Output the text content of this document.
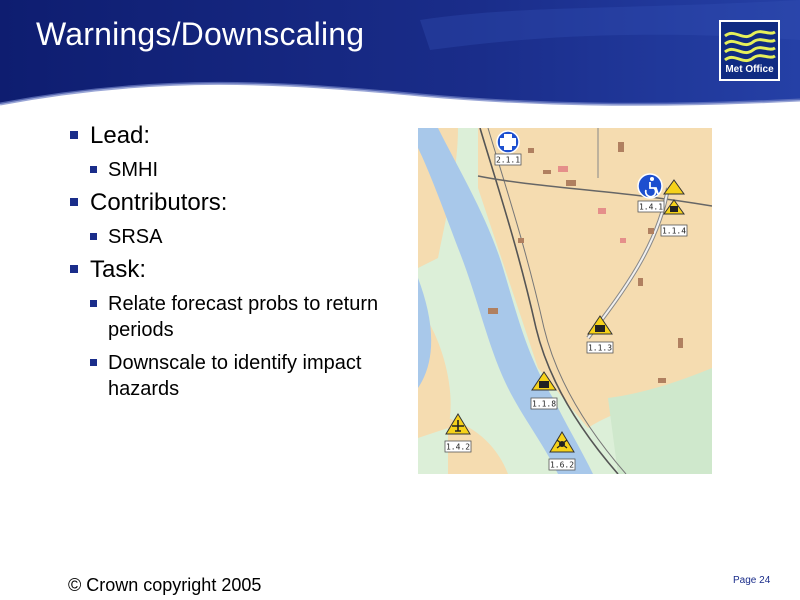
Warnings/Downscaling
Met Office
Lead:
SMHI
Contributors:
SRSA
Task:
Relate forecast probs to return periods
Downscale to identify impact hazards
2.1.1
1.4.1
1.1.4
1.1.3
1.1.8
1.4.2
1.6.2
© Crown copyright 2005	Page 24
